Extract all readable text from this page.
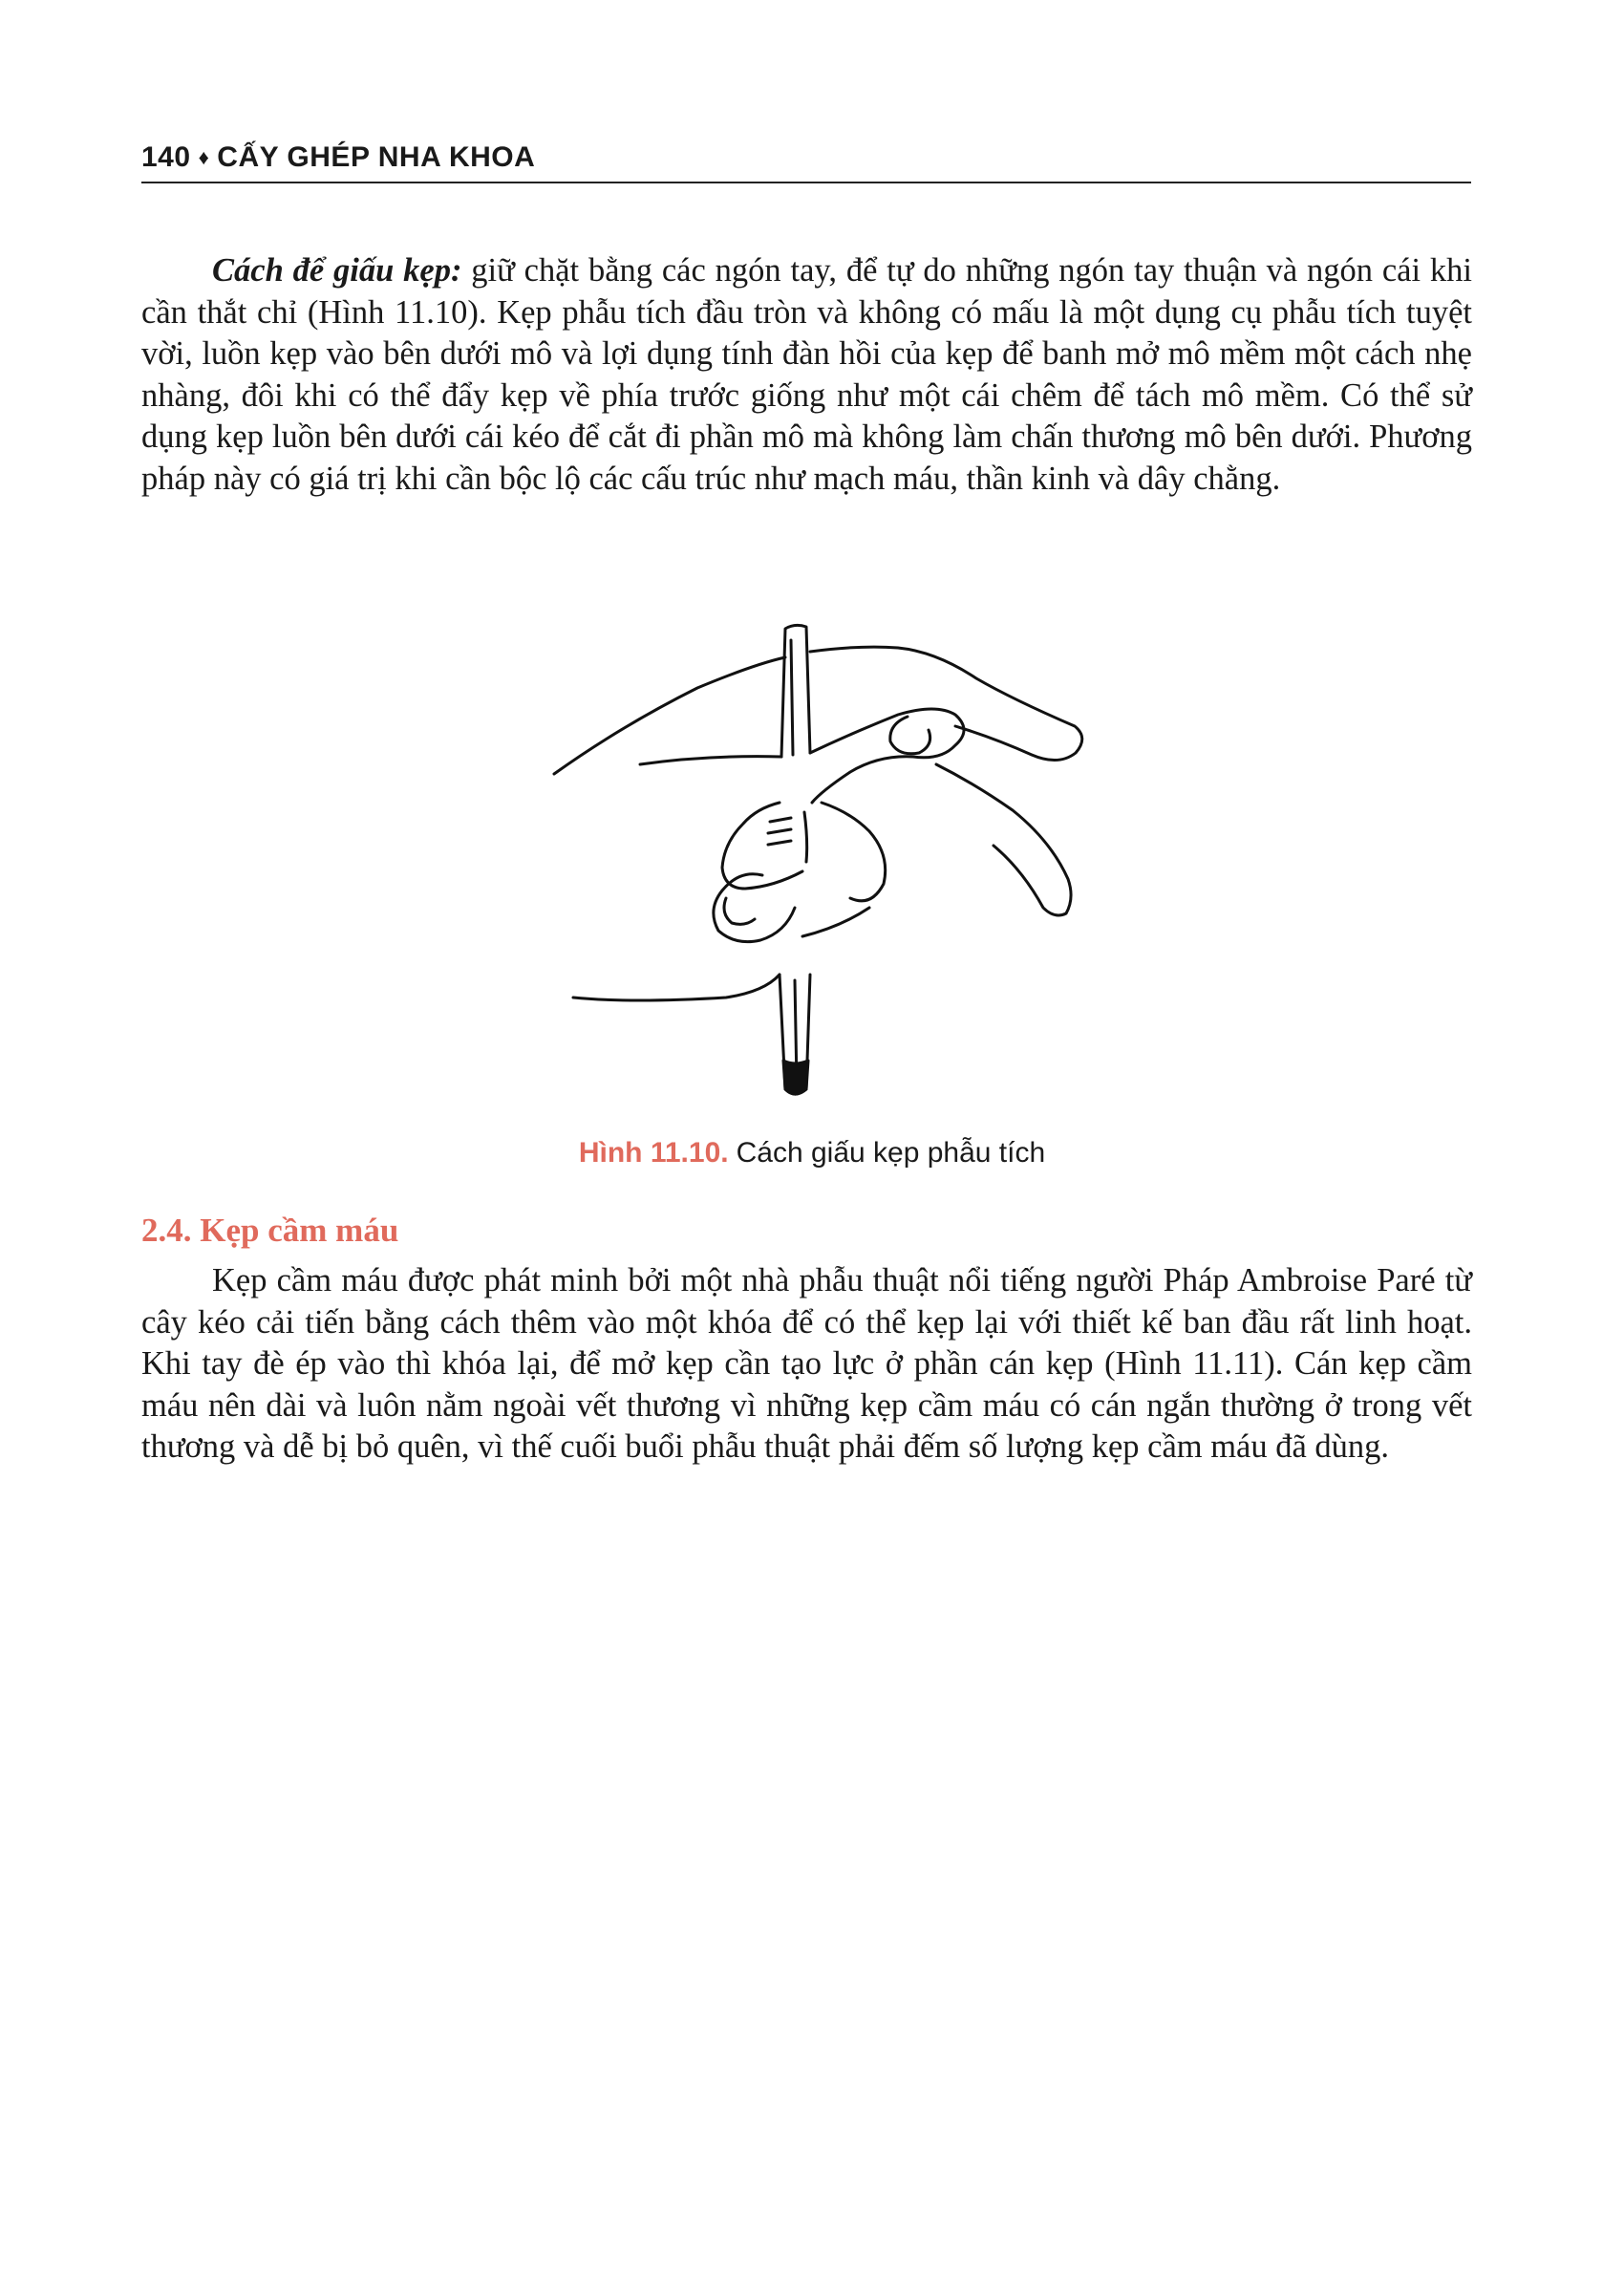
140 ♦ CẤY GHÉP NHA KHOA

Cách để giấu kẹp: giữ chặt bằng các ngón tay, để tự do những ngón tay thuận và ngón cái khi cần thắt chỉ (Hình 11.10). Kẹp phẫu tích đầu tròn và không có mấu là một dụng cụ phẫu tích tuyệt vời, luồn kẹp vào bên dưới mô và lợi dụng tính đàn hồi của kẹp để banh mở mô mềm một cách nhẹ nhàng, đôi khi có thể đẩy kẹp về phía trước giống như một cái chêm để tách mô mềm. Có thể sử dụng kẹp luồn bên dưới cái kéo để cắt đi phần mô mà không làm chấn thương mô bên dưới. Phương pháp này có giá trị khi cần bộc lộ các cấu trúc như mạch máu, thần kinh và dây chằng.

Hình 11.10. Cách giấu kẹp phẫu tích
2.4. Kẹp cầm máu

Kẹp cầm máu được phát minh bởi một nhà phẫu thuật nổi tiếng người Pháp Ambroise Paré từ cây kéo cải tiến bằng cách thêm vào một khóa để có thể kẹp lại với thiết kế ban đầu rất linh hoạt. Khi tay đè ép vào thì khóa lại, để mở kẹp cần tạo lực ở phần cán kẹp (Hình 11.11). Cán kẹp cầm máu nên dài và luôn nằm ngoài vết thương vì những kẹp cầm máu có cán ngắn thường ở trong vết thương và dễ bị bỏ quên, vì thế cuối buổi phẫu thuật phải đếm số lượng kẹp cầm máu đã dùng.
